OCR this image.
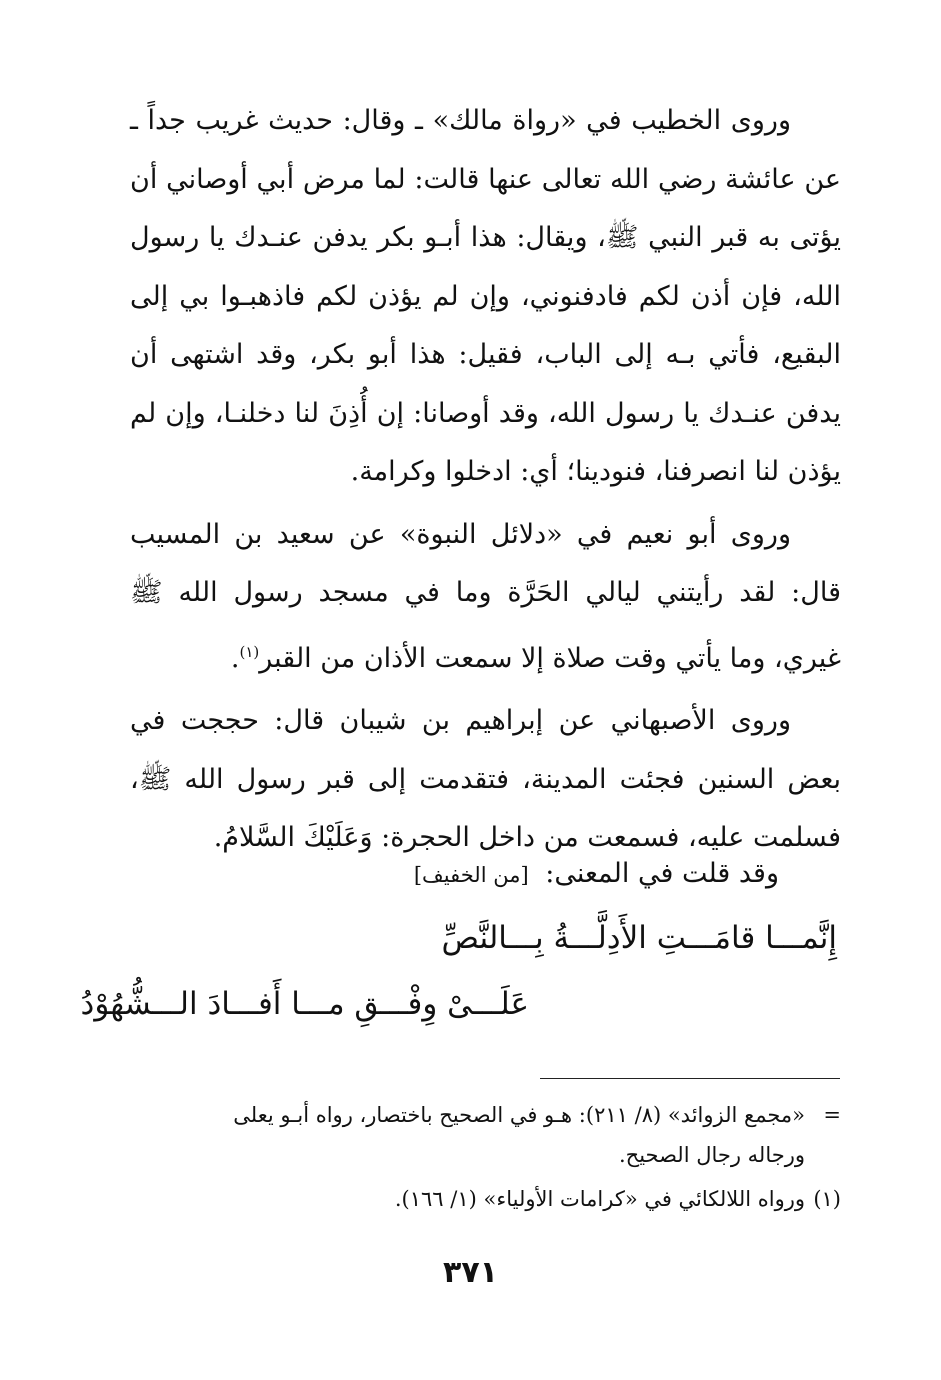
وروى الخطيب في «رواة مالك» ـ وقال: حديث غريب جداً ـ عن عائشة رضي الله تعالى عنها قالت: لما مرض أبي أوصاني أن يؤتى به قبر النبي ﷺ، ويقال: هذا أبـو بكر يدفن عنـدك يا رسول الله، فإن أذن لكم فادفنوني، وإن لم يؤذن لكم فاذهبـوا بي إلى البقيع، فأتي بـه إلى الباب، فقيل: هذا أبو بكر، وقد اشتهى أن يدفن عنـدك يا رسول الله، وقد أوصانا: إن أُذِنَ لنا دخلنـا، وإن لم يؤذن لنا انصرفنا، فنودينا؛ أي: ادخلوا وكرامة.

وروى أبو نعيم في «دلائل النبوة» عن سعيد بن المسيب قال: لقد رأيتني ليالي الحَرَّة وما في مسجد رسول الله ﷺ غيري، وما يأتي وقت صلاة إلا سمعت الأذان من القبر$^{(١)}$.

وروى الأصبهاني عن إبراهيم بن شيبان قال: حججت في بعض السنين فجئت المدينة، فتقدمت إلى قبر رسول الله ﷺ، فسلمت عليه، فسمعت من داخل الحجرة: وَعَلَيْكَ السَّلامُ.

وقد قلت في المعنى: [من الخفيف]
إِنَّمـــا قامَـــتِ الأَدِلَّـــةُ بِـــالنَّصِّ
عَلَـــىْ وِفْـــقِ مـــا أَفـــادَ الـــشُّهُوْدُ

=«مجمع الزوائد» (٨/ ٢١١): هـو في الصحيح باختصار، رواه أبـو يعلى

ورجاله رجال الصحيح.

(١)ورواه اللالكائي في «كرامات الأولياء» (١/ ١٦٦).

٣٧١
